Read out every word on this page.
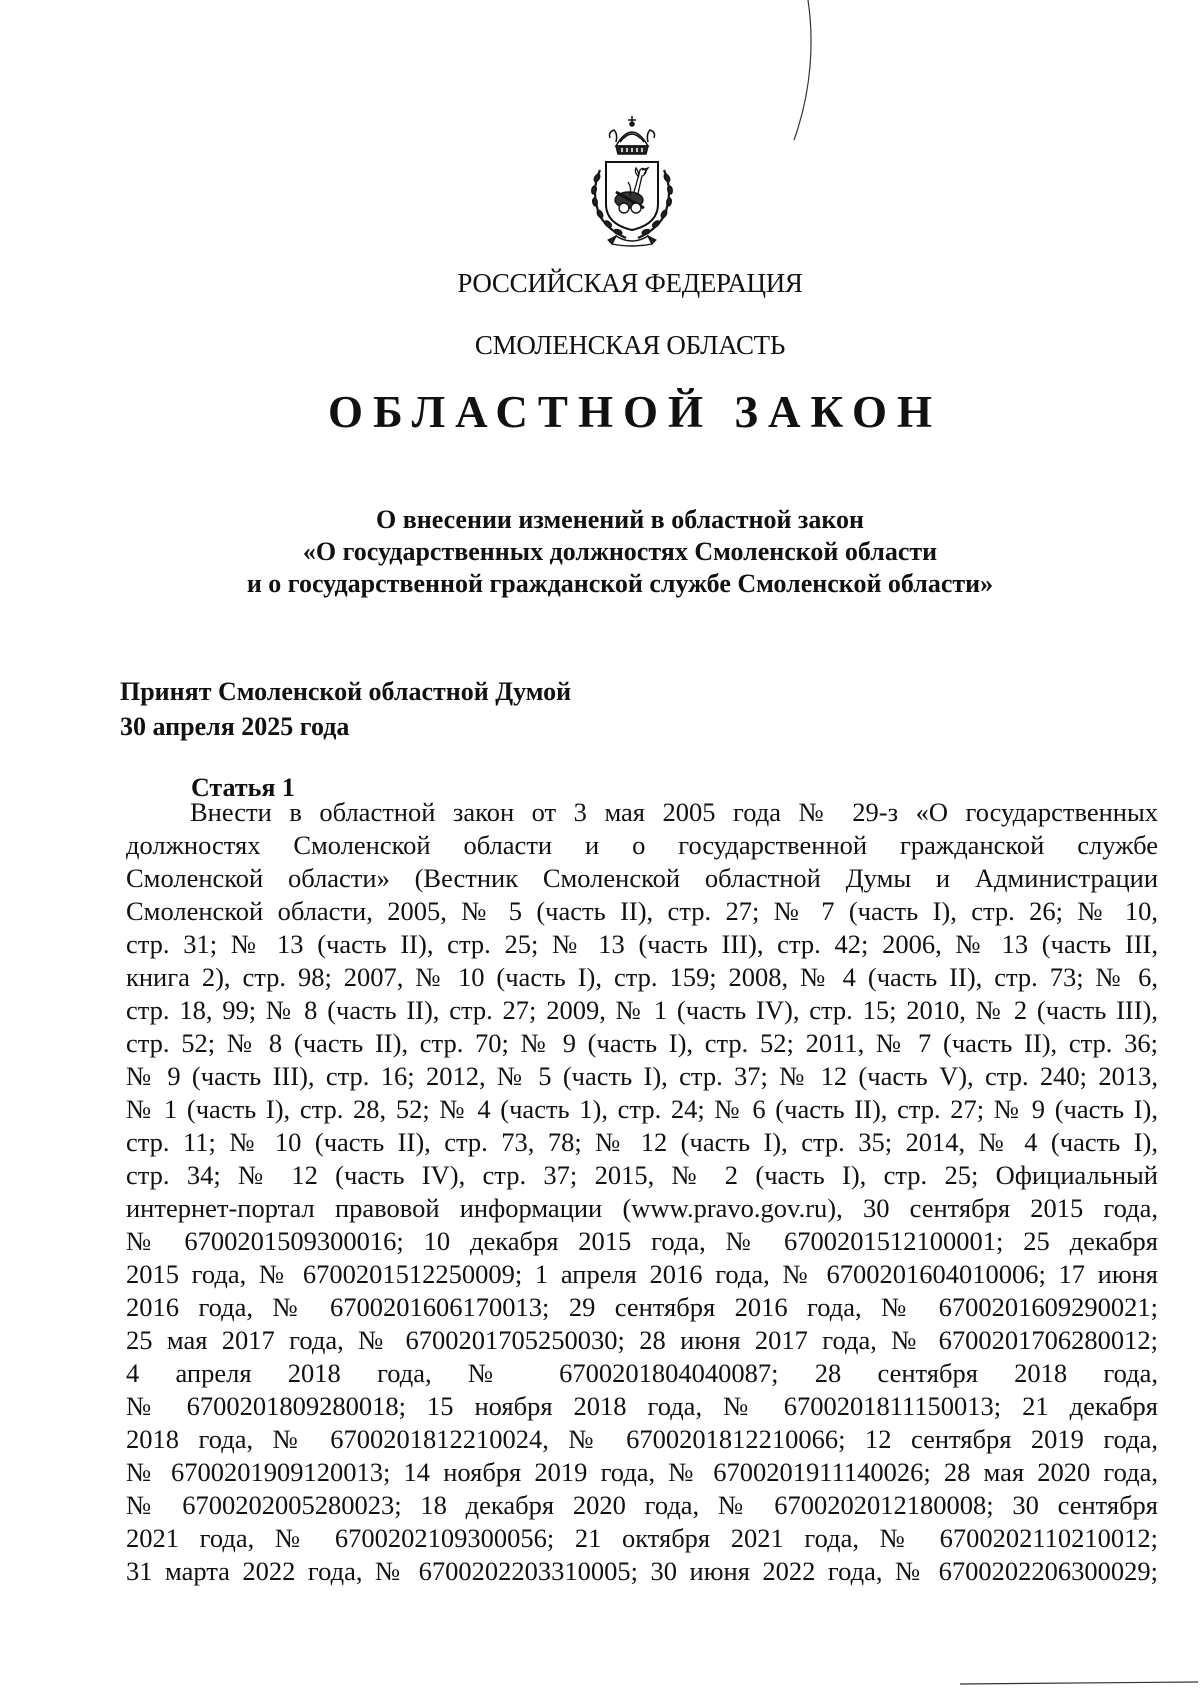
РОССИЙСКАЯ ФЕДЕРАЦИЯ
СМОЛЕНСКАЯ ОБЛАСТЬ
ОБЛАСТНОЙ ЗАКОН
О внесении изменений в областной закон
«О государственных должностях Смоленской области
и о государственной гражданской службе Смоленской области»
Принят Смоленской областной Думой
30 апреля 2025 года
Статья 1
Внести в областной закон от 3 мая 2005 года № 29-з «О государственных
должностях Смоленской области и о государственной гражданской службе
Смоленской области» (Вестник Смоленской областной Думы и Администрации
Смоленской области, 2005, № 5 (часть II), стр. 27; № 7 (часть I), стр. 26; № 10,
стр. 31; № 13 (часть II), стр. 25; № 13 (часть III), стр. 42; 2006, № 13 (часть III,
книга 2), стр. 98; 2007, № 10 (часть I), стр. 159; 2008, № 4 (часть II), стр. 73; № 6,
стр. 18, 99; № 8 (часть II), стр. 27; 2009, № 1 (часть IV), стр. 15; 2010, № 2 (часть III),
стр. 52; № 8 (часть II), стр. 70; № 9 (часть I), стр. 52; 2011, № 7 (часть II), стр. 36;
№ 9 (часть III), стр. 16; 2012, № 5 (часть I), стр. 37; № 12 (часть V), стр. 240; 2013,
№ 1 (часть I), стр. 28, 52; № 4 (часть 1), стр. 24; № 6 (часть II), стр. 27; № 9 (часть I),
стр. 11; № 10 (часть II), стр. 73, 78; № 12 (часть I), стр. 35; 2014, № 4 (часть I),
стр. 34; № 12 (часть IV), стр. 37; 2015, № 2 (часть I), стр. 25; Официальный
интернет-портал правовой информации (www.pravo.gov.ru), 30 сентября 2015 года,
№ 6700201509300016; 10 декабря 2015 года, № 6700201512100001; 25 декабря
2015 года, № 6700201512250009; 1 апреля 2016 года, № 6700201604010006; 17 июня
2016 года, № 6700201606170013; 29 сентября 2016 года, № 6700201609290021;
25 мая 2017 года, № 6700201705250030; 28 июня 2017 года, № 6700201706280012;
4 апреля 2018 года, № 6700201804040087; 28 сентября 2018 года,
№ 6700201809280018; 15 ноября 2018 года, № 6700201811150013; 21 декабря
2018 года, № 6700201812210024, № 6700201812210066; 12 сентября 2019 года,
№ 6700201909120013; 14 ноября 2019 года, № 6700201911140026; 28 мая 2020 года,
№ 6700202005280023; 18 декабря 2020 года, № 6700202012180008; 30 сентября
2021 года, № 6700202109300056; 21 октября 2021 года, № 6700202110210012;
31 марта 2022 года, № 6700202203310005; 30 июня 2022 года, № 6700202206300029;
